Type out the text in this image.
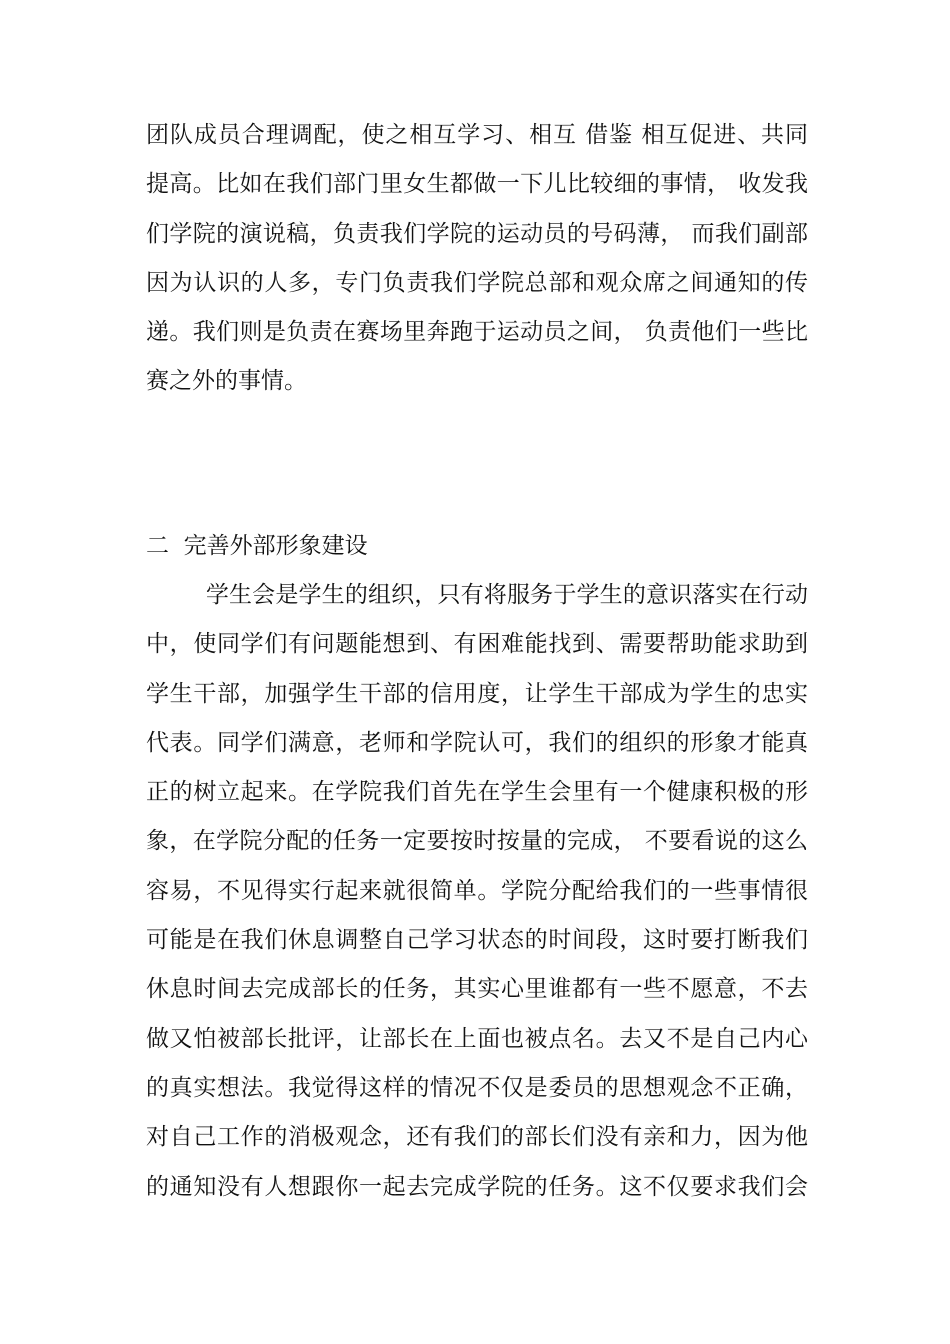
团队成员合理调配，使之相互学习、相互 借鉴 相互促进、共同
提高。比如在我们部门里女生都做一下儿比较细的事情， 收发我
们学院的演说稿，负责我们学院的运动员的号码薄， 而我们副部
因为认识的人多，专门负责我们学院总部和观众席之间通知的传
递。我们则是负责在赛场里奔跑于运动员之间， 负责他们一些比
赛之外的事情。
二  完善外部形象建设
学生会是学生的组织，只有将服务于学生的意识落实在行动
中，使同学们有问题能想到、有困难能找到、需要帮助能求助到
学生干部，加强学生干部的信用度，让学生干部成为学生的忠实
代表。同学们满意，老师和学院认可，我们的组织的形象才能真
正的树立起来。在学院我们首先在学生会里有一个健康积极的形
象，在学院分配的任务一定要按时按量的完成， 不要看说的这么
容易，不见得实行起来就很简单。学院分配给我们的一些事情很
可能是在我们休息调整自己学习状态的时间段，这时要打断我们
休息时间去完成部长的任务，其实心里谁都有一些不愿意，不去
做又怕被部长批评，让部长在上面也被点名。去又不是自己内心
的真实想法。我觉得这样的情况不仅是委员的思想观念不正确，
对自己工作的消极观念，还有我们的部长们没有亲和力，因为他
的通知没有人想跟你一起去完成学院的任务。这不仅要求我们会
